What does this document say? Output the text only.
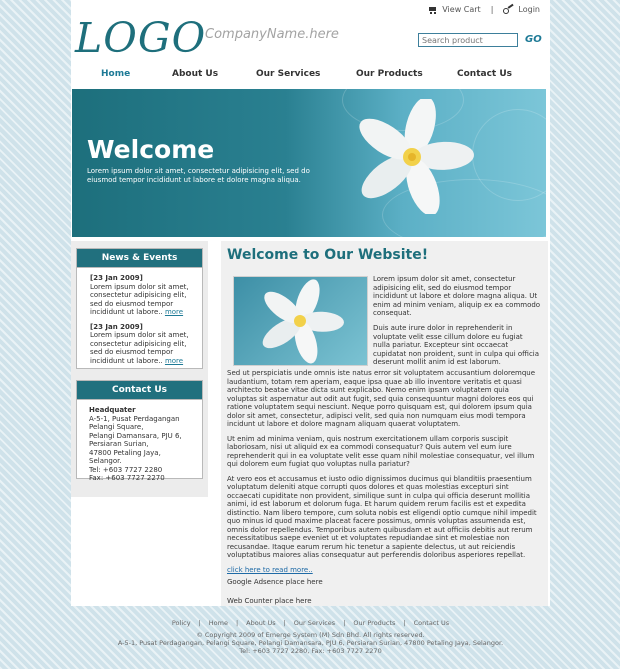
LOGO
CompanyName.here
View Cart |	Login
Search product
GO
Home	About Us	Our Services	Our Products	Contact Us
Welcome
Lorem ipsum dolor sit amet, consectetur adipisicing elit, sed do eiusmod tempor incididunt ut labore et dolore magna aliqua.
News & Events
[23 Jan 2009]
Lorem ipsum dolor sit amet, consectetur adipisicing elit, sed do eiusmod tempor incididunt ut labore.. more
[23 Jan 2009]
Lorem ipsum dolor sit amet, consectetur adipisicing elit, sed do eiusmod tempor incididunt ut labore.. more
Contact Us
Headquater
A-5-1, Pusat Perdagangan
Pelangi Square,
Pelangi Damansara, PJU 6,
Persiaran Surian,
47800 Petaling Jaya, Selangor.
Tel: +603 7727 2280
Fax: +603 7727 2270
Welcome to Our Website!

Lorem ipsum dolor sit amet, consectetur adipisicing elit, sed do eiusmod tempor incididunt ut labore et dolore magna aliqua. Ut enim ad minim veniam, aliquip ex ea commodo consequat.

Duis aute irure dolor in reprehenderit in voluptate velit esse cillum dolore eu fugiat nulla pariatur. Excepteur sint occaecat cupidatat non proident, sunt in culpa qui officia deserunt mollit anim id est laborum.

Sed ut perspiciatis unde omnis iste natus error sit voluptatem accusantium doloremque laudantium, totam rem aperiam, eaque ipsa quae ab illo inventore veritatis et quasi architecto beatae vitae dicta sunt explicabo. Nemo enim ipsam voluptatem quia voluptas sit aspernatur aut odit aut fugit, sed quia consequuntur magni dolores eos qui ratione voluptatem sequi nesciunt. Neque porro quisquam est, qui dolorem ipsum quia dolor sit amet, consectetur, adipisci velit, sed quia non numquam eius modi tempora incidunt ut labore et dolore magnam aliquam quaerat voluptatem.

Ut enim ad minima veniam, quis nostrum exercitationem ullam corporis suscipit laboriosam, nisi ut aliquid ex ea commodi consequatur? Quis autem vel eum iure reprehenderit qui in ea voluptate velit esse quam nihil molestiae consequatur, vel illum qui dolorem eum fugiat quo voluptas nulla pariatur?

At vero eos et accusamus et iusto odio dignissimos ducimus qui blanditiis praesentium voluptatum deleniti atque corrupti quos dolores et quas molestias excepturi sint occaecati cupiditate non provident, similique sunt in culpa qui officia deserunt mollitia animi, id est laborum et dolorum fuga. Et harum quidem rerum facilis est et expedita distinctio. Nam libero tempore, cum soluta nobis est eligendi optio cumque nihil impedit quo minus id quod maxime placeat facere possimus, omnis voluptas assumenda est, omnis dolor repellendus. Temporibus autem quibusdam et aut officiis debitis aut rerum necessitatibus saepe eveniet ut et voluptates repudiandae sint et molestiae non recusandae. Itaque earum rerum hic tenetur a sapiente delectus, ut aut reiciendis voluptatibus maiores alias consequatur aut perferendis doloribus asperiores repellat.

click here to read more..

Google Adsence place here

Web Counter place here

Policy | Home | About Us | Our Services | Our Products | Contact Us
© Copyright 2009 of Emerge System (M) Sdn Bhd. All rights reserved.
A-5-1, Pusat Perdagangan, Pelangi Square, Pelangi Damansara, PJU 6, Persiaran Surian, 47800 Petaling Jaya, Selangor.
Tel: +603 7727 2280, Fax: +603 7727 2270
